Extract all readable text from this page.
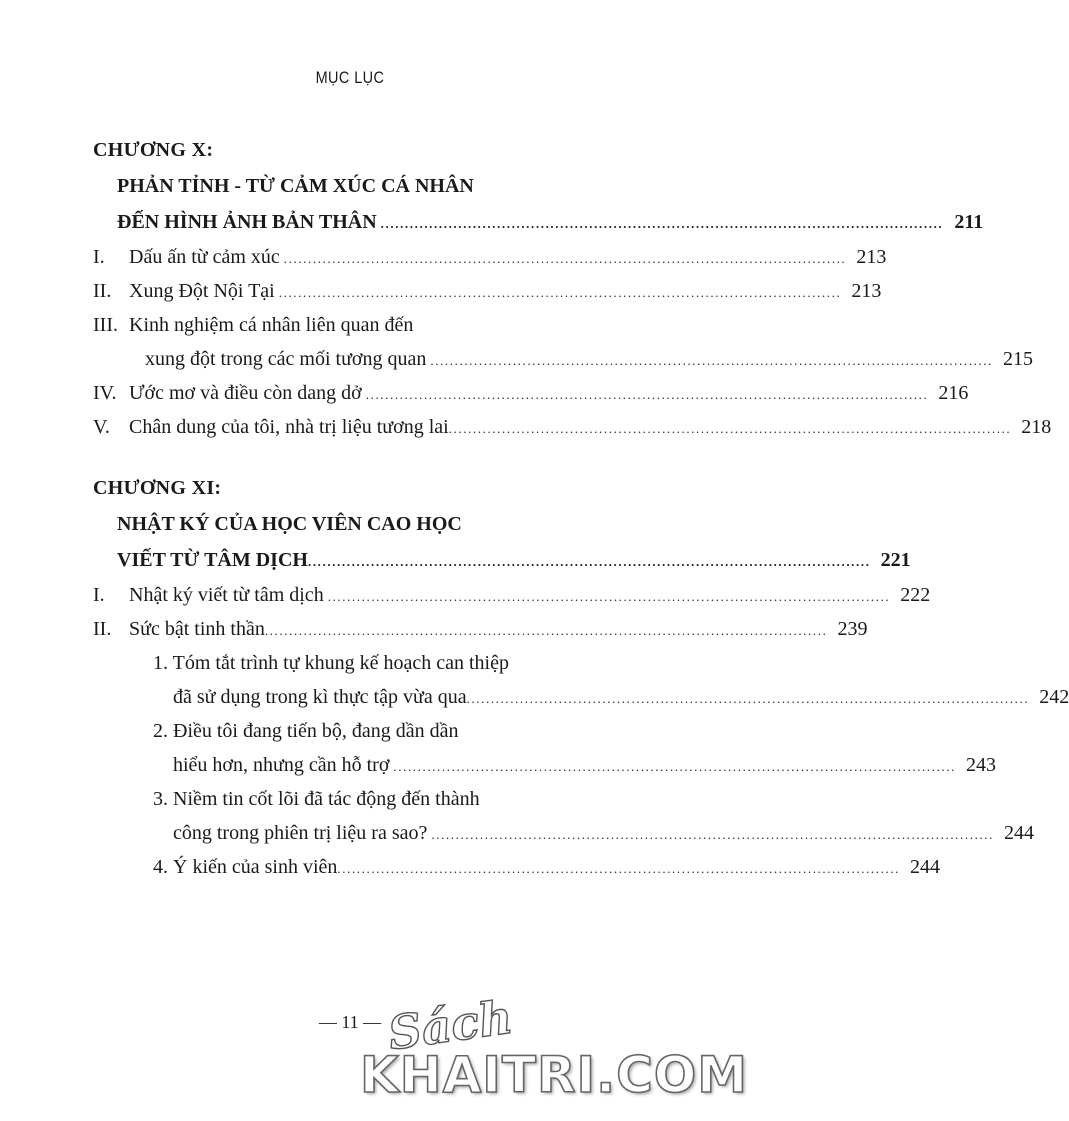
MỤC LỤC
CHƯƠNG X:
PHẢN TỈNH - TỪ CẢM XÚC CÁ NHÂN
ĐẾN HÌNH ẢNH BẢN THÂN .................................................................................................................... 211
I.	Dấu ấn từ cảm xúc .................................................................................................................... 213
II. Xung Đột Nội Tại .................................................................................................................... 213
III. Kinh nghiệm cá nhân liên quan đến
xung đột trong các mối tương quan .................................................................................................................... 215
IV. Ước mơ và điều còn dang dở .................................................................................................................... 216
V. Chân dung của tôi, nhà trị liệu tương lai .................................................................................................................... 218
CHƯƠNG XI:
NHẬT KÝ CỦA HỌC VIÊN CAO HỌC
VIẾT TỪ TÂM DỊCH .................................................................................................................... 221
I.	Nhật ký viết từ tâm dịch .................................................................................................................... 222
II. Sức bật tinh thần .................................................................................................................... 239
1. Tóm tắt trình tự khung kế hoạch can thiệp
đã sử dụng trong kì thực tập vừa qua .................................................................................................................... 242
2. Điều tôi đang tiến bộ, đang dần dần
hiểu hơn, nhưng cần hỗ trợ .................................................................................................................... 243
3. Niềm tin cốt lõi đã tác động đến thành
công trong phiên trị liệu ra sao? .................................................................................................................... 244
4. Ý kiến của sinh viên .................................................................................................................... 244
— 11 — Sách
KHAITRI.COM
